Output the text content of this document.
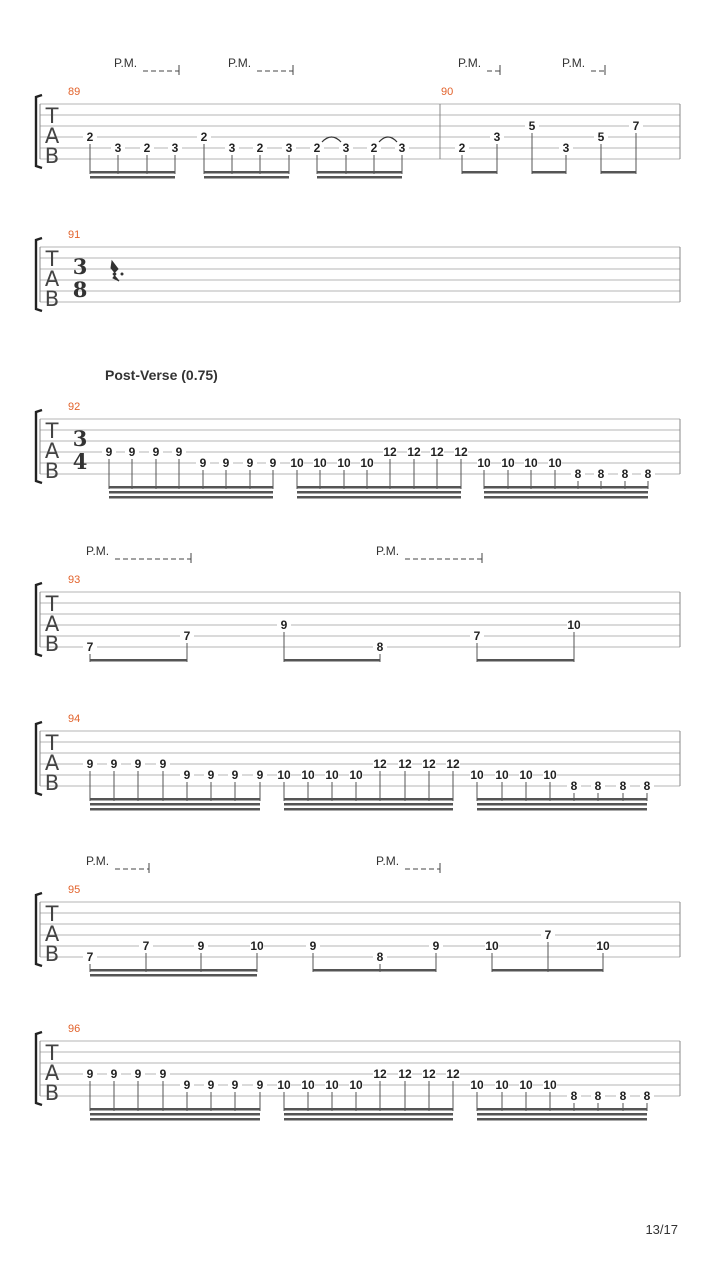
T
A
B
P.M.	P.M.	P.M.	P.M.
89
2
3 2 3
2
3 2 3 2 3 2 3
90
2
3
5
3
5
7
T
A
B
91
3
8
Post-Verse (0.75)
T
A
B
92
3
4 9 9 9 9
9 9 9 9 10 10 10 10
12 12 12 12
10 10 10 10
8 8 8 8
T
A
B
P.M.	P.M.
93
7
7
9
8
7
10
T
A
B
94
9 9 9 9
9 9 9 9 10 10 10 10
12 12 12 12
10 10 10 10
8 8 8 8
T
A
B
P.M.	P.M.
95
7
7	9	10	9
8
9	10
7
10
T
A
B
96
9 9 9 9
9 9 9 9 10 10 10 10
12 12 12 12
10 10 10 10
8 8 8 8
13/17
